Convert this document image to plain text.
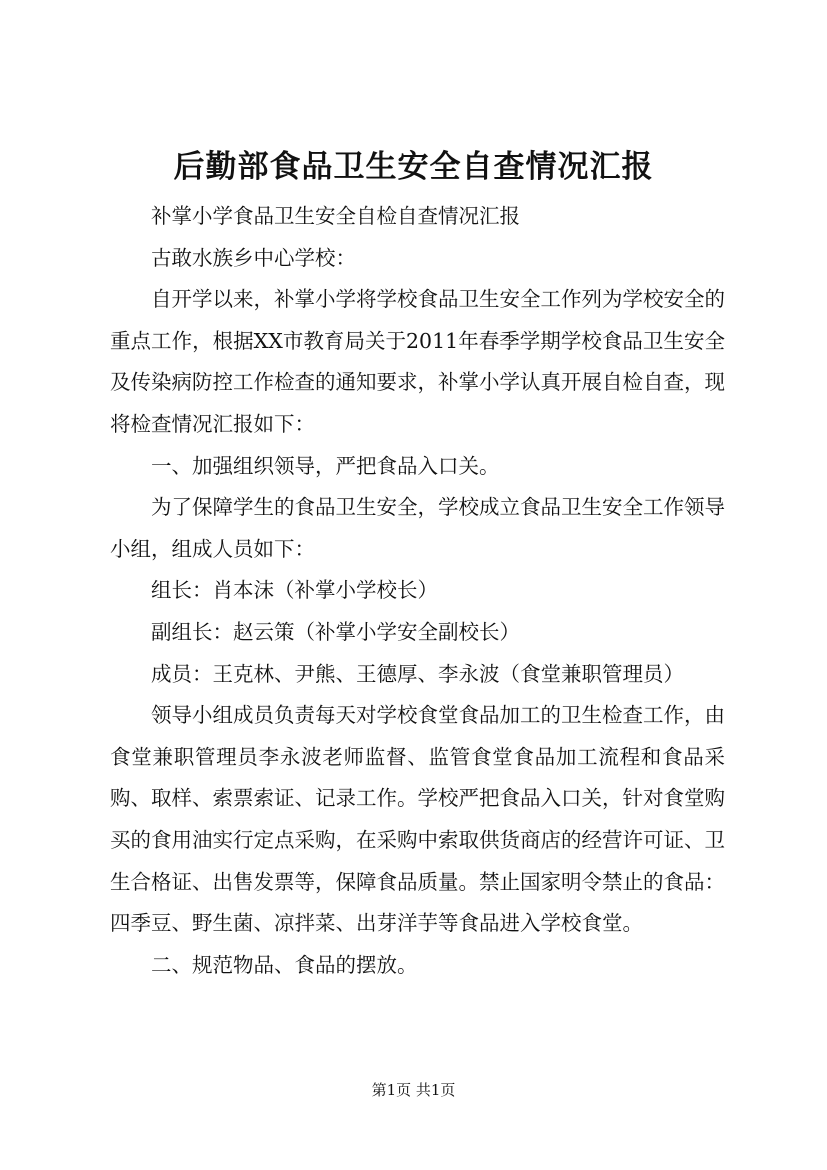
后勤部食品卫生安全自查情况汇报

补掌小学食品卫生安全自检自查情况汇报

古敢水族乡中心学校：

自开学以来，补掌小学将学校食品卫生安全工作列为学校安全的重点工作，根据XX市教育局关于2011年春季学期学校食品卫生安全及传染病防控工作检查的通知要求，补掌小学认真开展自检自查，现将检查情况汇报如下：

一、加强组织领导，严把食品入口关。

为了保障学生的食品卫生安全，学校成立食品卫生安全工作领导小组，组成人员如下：

组长：肖本沫（补掌小学校长）

副组长：赵云策（补掌小学安全副校长）

成员：王克林、尹熊、王德厚、李永波（食堂兼职管理员）

领导小组成员负责每天对学校食堂食品加工的卫生检查工作，由食堂兼职管理员李永波老师监督、监管食堂食品加工流程和食品采购、取样、索票索证、记录工作。学校严把食品入口关，针对食堂购买的食用油实行定点采购，在采购中索取供货商店的经营许可证、卫生合格证、出售发票等，保障食品质量。禁止国家明令禁止的食品：四季豆、野生菌、凉拌菜、出芽洋芋等食品进入学校食堂。

二、规范物品、食品的摆放。

第1页 共1页
